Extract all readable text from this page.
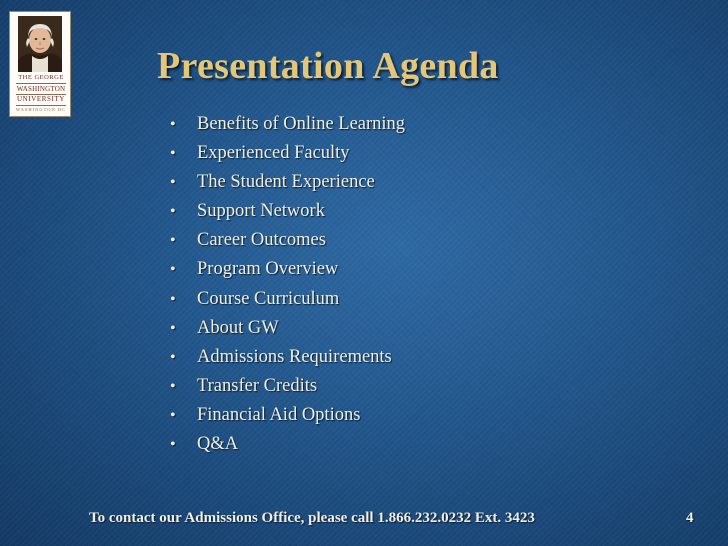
THE GEORGE
WASHINGTON
UNIVERSITY
WASHINGTON DC
Presentation Agenda
• Benefits of Online Learning
• Experienced Faculty
• The Student Experience
• Support Network
• Career Outcomes
• Program Overview
• Course Curriculum
• About GW
• Admissions Requirements
• Transfer Credits
• Financial Aid Options
• Q&A
To contact our Admissions Office, please call 1.866.232.0232 Ext. 3423	4
